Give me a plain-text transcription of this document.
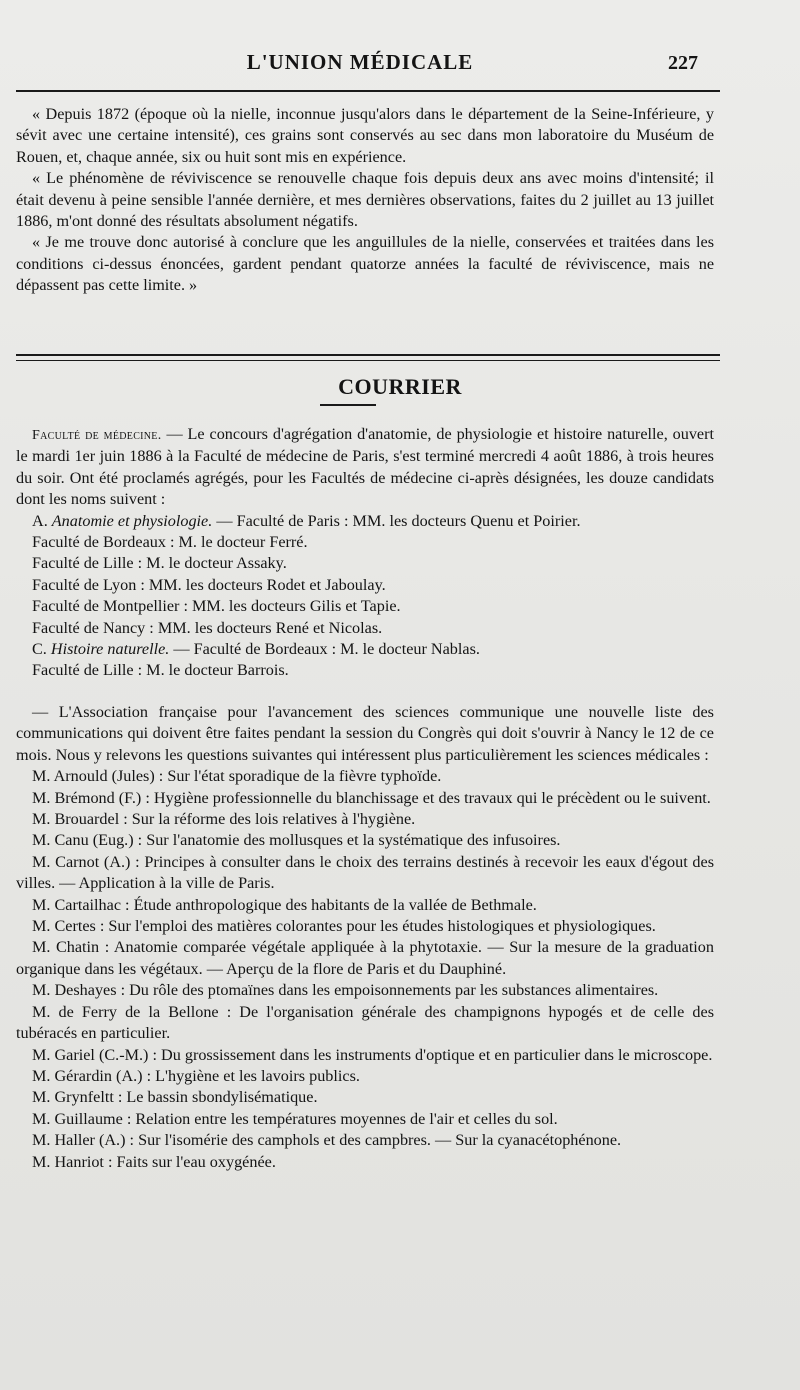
L'UNION MÉDICALE	227

« Depuis 1872 (époque où la nielle, inconnue jusqu'alors dans le département de la Seine-Inférieure, y sévit avec une certaine intensité), ces grains sont conservés au sec dans mon laboratoire du Muséum de Rouen, et, chaque année, six ou huit sont mis en expérience.

« Le phénomène de réviviscence se renouvelle chaque fois depuis deux ans avec moins d'intensité; il était devenu à peine sensible l'année dernière, et mes dernières observations, faites du 2 juillet au 13 juillet 1886, m'ont donné des résultats absolument négatifs.

« Je me trouve donc autorisé à conclure que les anguillules de la nielle, conservées et traitées dans les conditions ci-dessus énoncées, gardent pendant quatorze années la faculté de réviviscence, mais ne dépassent pas cette limite. »

COURRIER

Faculté de médecine. — Le concours d'agrégation d'anatomie, de physiologie et histoire naturelle, ouvert le mardi 1er juin 1886 à la Faculté de médecine de Paris, s'est terminé mercredi 4 août 1886, à trois heures du soir. Ont été proclamés agrégés, pour les Facultés de médecine ci-après désignées, les douze candidats dont les noms suivent :

A. Anatomie et physiologie. — Faculté de Paris : MM. les docteurs Quenu et Poirier.

Faculté de Bordeaux : M. le docteur Ferré.

Faculté de Lille : M. le docteur Assaky.

Faculté de Lyon : MM. les docteurs Rodet et Jaboulay.

Faculté de Montpellier : MM. les docteurs Gilis et Tapie.

Faculté de Nancy : MM. les docteurs René et Nicolas.

C. Histoire naturelle. — Faculté de Bordeaux : M. le docteur Nablas.

Faculté de Lille : M. le docteur Barrois.

— L'Association française pour l'avancement des sciences communique une nouvelle liste des communications qui doivent être faites pendant la session du Congrès qui doit s'ouvrir à Nancy le 12 de ce mois. Nous y relevons les questions suivantes qui intéressent plus particulièrement les sciences médicales :

M. Arnould (Jules) : Sur l'état sporadique de la fièvre typhoïde.

M. Brémond (F.) : Hygiène professionnelle du blanchissage et des travaux qui le précèdent ou le suivent.

M. Brouardel : Sur la réforme des lois relatives à l'hygiène.

M. Canu (Eug.) : Sur l'anatomie des mollusques et la systématique des infusoires.

M. Carnot (A.) : Principes à consulter dans le choix des terrains destinés à recevoir les eaux d'égout des villes. — Application à la ville de Paris.

M. Cartailhac : Étude anthropologique des habitants de la vallée de Bethmale.

M. Certes : Sur l'emploi des matières colorantes pour les études histologiques et physiologiques.

M. Chatin : Anatomie comparée végétale appliquée à la phytotaxie. — Sur la mesure de la graduation organique dans les végétaux. — Aperçu de la flore de Paris et du Dauphiné.

M. Deshayes : Du rôle des ptomaïnes dans les empoisonnements par les substances alimentaires.

M. de Ferry de la Bellone : De l'organisation générale des champignons hypogés et de celle des tubéracés en particulier.

M. Gariel (C.-M.) : Du grossissement dans les instruments d'optique et en particulier dans le microscope.

M. Gérardin (A.) : L'hygiène et les lavoirs publics.

M. Grynfeltt : Le bassin sbondylisématique.

M. Guillaume : Relation entre les températures moyennes de l'air et celles du sol.

M. Haller (A.) : Sur l'isomérie des camphols et des campbres. — Sur la cyanacétophénone.

M. Hanriot : Faits sur l'eau oxygénée.
